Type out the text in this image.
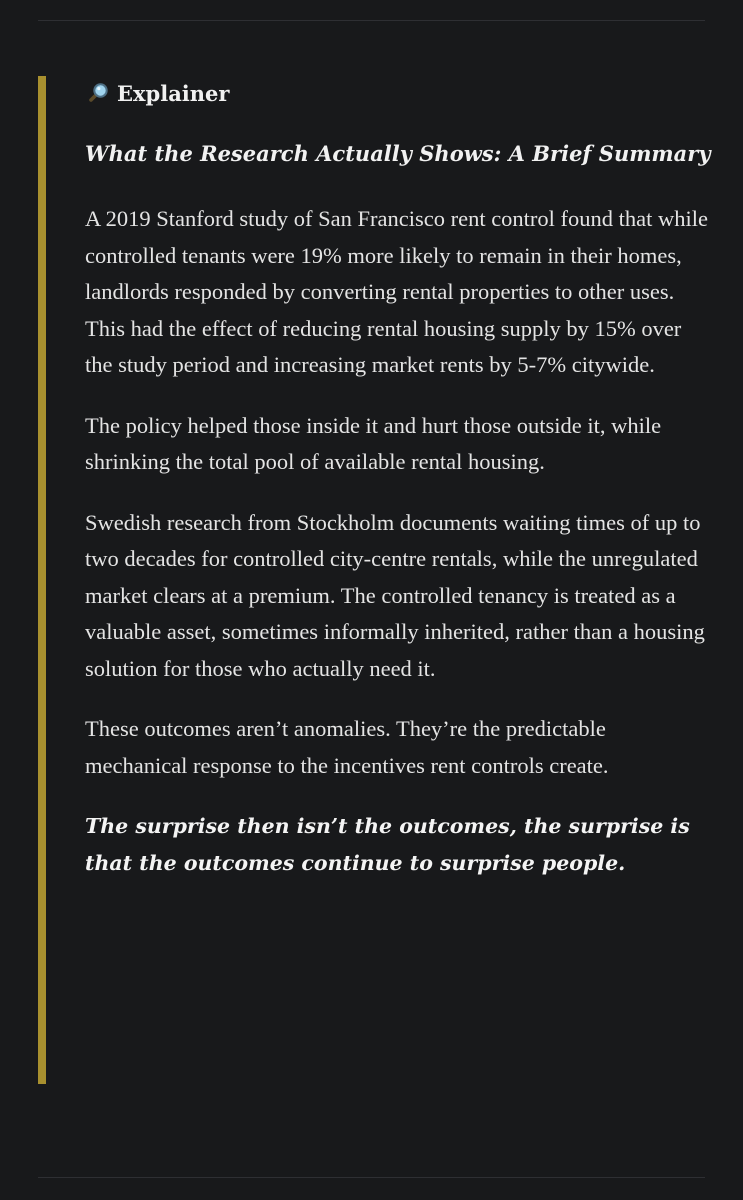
Explainer

What the Research Actually Shows: A Brief Summary

A 2019 Stanford study of San Francisco rent control found that while controlled tenants were 19% more likely to remain in their homes, landlords responded by converting rental properties to other uses. This had the effect of reducing rental housing supply by 15% over the study period and increasing market rents by 5-7% citywide.

The policy helped those inside it and hurt those outside it, while shrinking the total pool of available rental housing.

Swedish research from Stockholm documents waiting times of up to two decades for controlled city-centre rentals, while the unregulated market clears at a premium. The controlled tenancy is treated as a valuable asset, sometimes informally inherited, rather than a housing solution for those who actually need it.

These outcomes aren’t anomalies. They’re the predictable mechanical response to the incentives rent controls create.

The surprise then isn’t the outcomes, the surprise is that the outcomes continue to surprise people.
